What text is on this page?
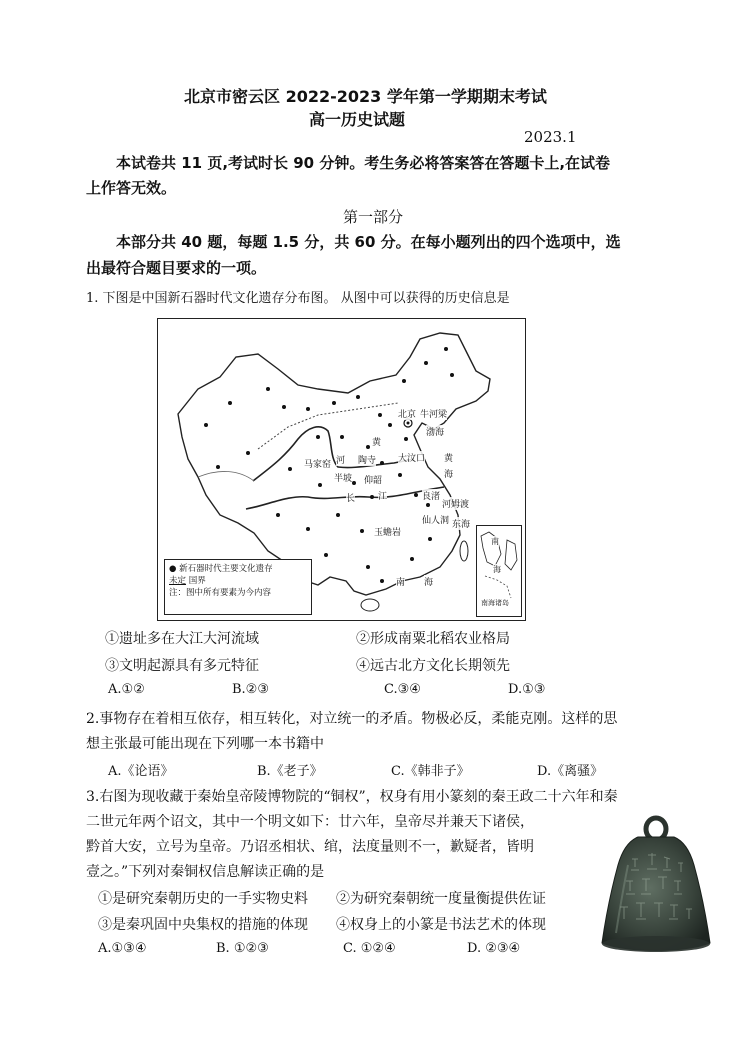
北京市密云区 2022-2023 学年第一学期期末考试
高一历史试题
2023.1
本试卷共 11 页,考试时长 90 分钟。考生务必将答案答在答题卡上,在试卷
上作答无效。
第一部分
本部分共 40 题，每题 1.5 分，共 60 分。在每小题列出的四个选项中，选
出最符合题目要求的一项。
1. 下图是中国新石器时代文化遗存分布图。 从图中可以获得的历史信息是
北京 牛河梁
渤海
黄
河
马家窑	陶寺 大汶口 黄
海
半坡 仰韶
长	江	良渚
河姆渡
仙人洞 东海
玉蟾岩
南 海
南
海
南海诸岛
● 新石器时代主要文化遗存
未定 国界
注：图中所有要素为今内容
①遗址多在大江大河流域	②形成南粟北稻农业格局
③文明起源具有多元特征	④远古北方文化长期领先
A.①②	B.②③	C.③④	D.①③
2.事物存在着相互依存，相互转化，对立统一的矛盾。物极必反，柔能克刚。这样的思
想主张最可能出现在下列哪一本书籍中
A.《论语》	B.《老子》	C.《韩非子》	D.《离骚》
3.右图为现收藏于秦始皇帝陵博物院的“铜权”，权身有用小篆刻的秦王政二十六年和秦
二世元年两个诏文，其中一个明文如下：廿六年，皇帝尽并兼天下诸侯，
黔首大安，立号为皇帝。乃诏丞相状、绾，法度量则不一，歉疑者，皆明
壹之。”下列对秦铜权信息解读正确的是
①是研究秦朝历史的一手实物史料 ②为研究秦朝统一度量衡提供佐证
③是秦巩固中央集权的措施的体现 ④权身上的小篆是书法艺术的体现
A.①③④	B. ①②③	C. ①②④	D. ②③④
